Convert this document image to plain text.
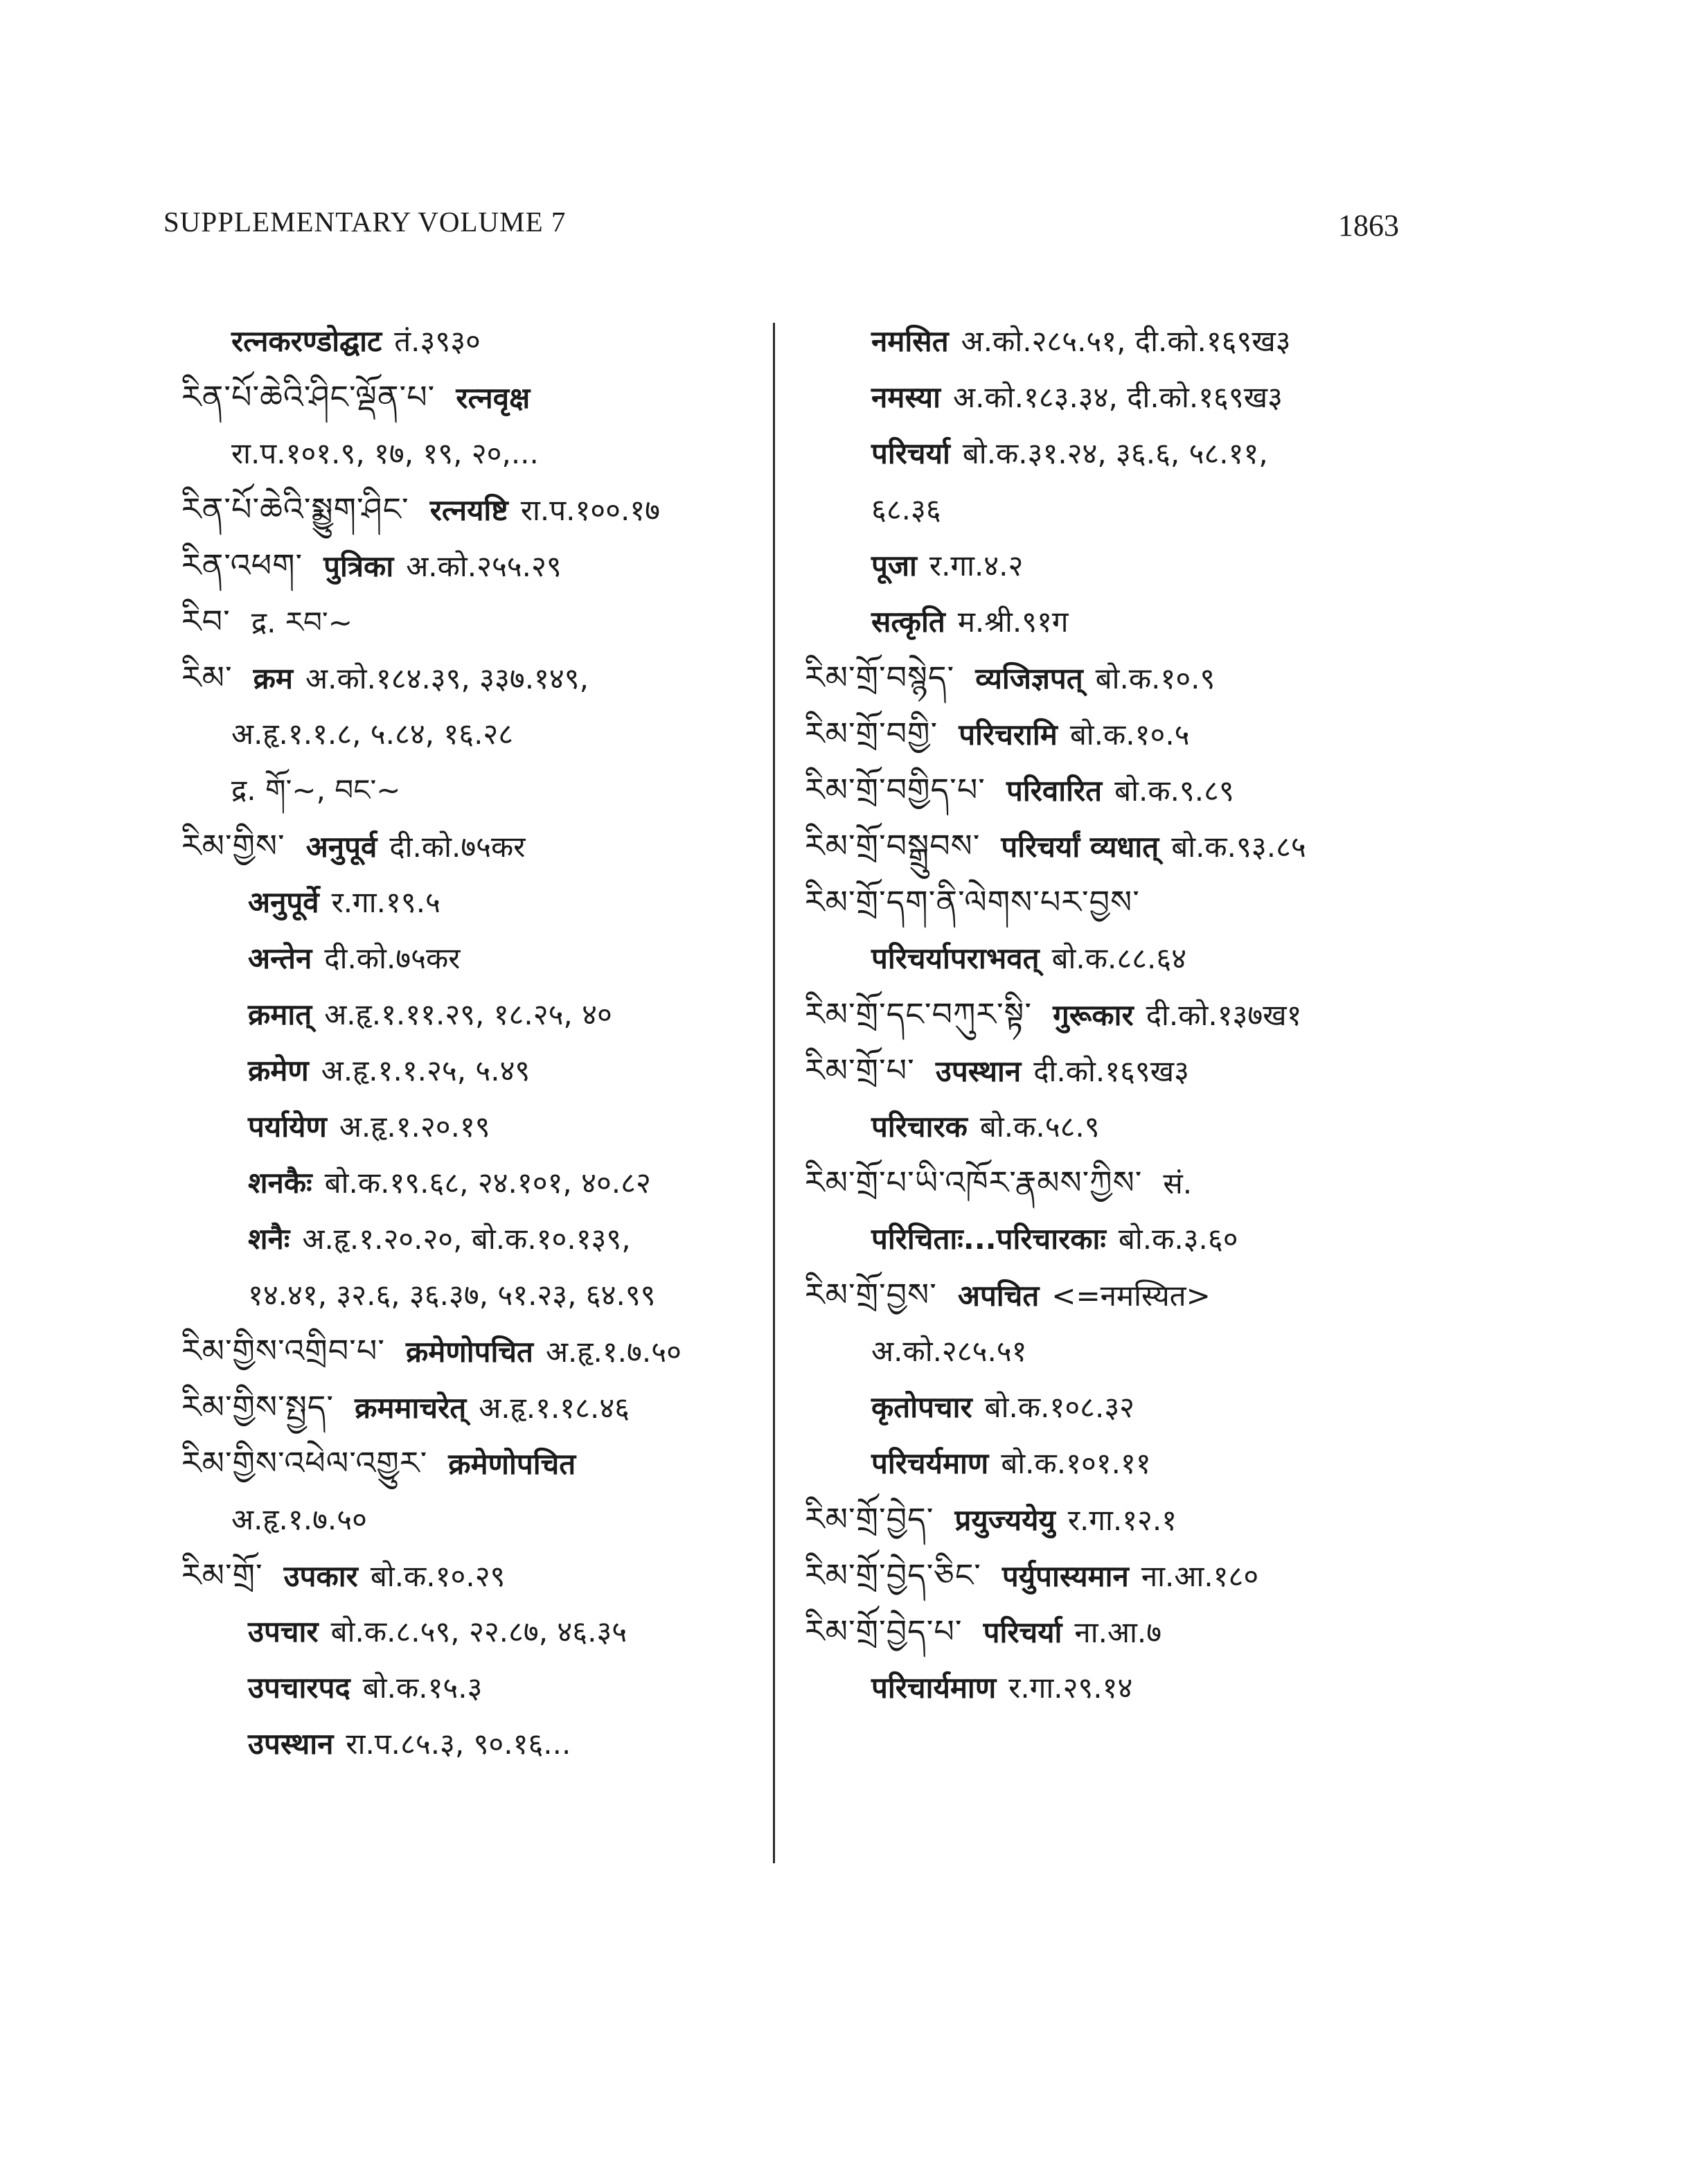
SUPPLEMENTARY VOLUME 7	1863
रत्नकरण्डोद्घाट तं.३९३०
རིན་པོ་ཆེའི་ཤིང་ལྡོན་པ་ रत्नवृक्ष
रा.प.१०१.९, १७, १९, २०,...
རིན་པོ་ཆེའི་སྨྱུག་ཤིང་ रत्नयष्टि रा.प.१००.१७
རིན་འཕག་ पुत्रिका अ.को.२५५.२९
རིབ་ द्र. རབ་~
རིམ་ क्रम अ.को.१८४.३९, ३३७.१४९,
अ.हृ.१.१.८, ५.८४, १६.२८
द्र. གོ་~, བང་~
རིམ་གྱིས་ अनुपूर्व दी.को.७५कर
अनुपूर्वे र.गा.१९.५
अन्तेन दी.को.७५कर
क्रमात् अ.हृ.१.११.२९, १८.२५, ४०
क्रमेण अ.हृ.१.१.२५, ५.४९
पर्यायेण अ.हृ.१.२०.१९
शनकैः बो.क.१९.६८, २४.१०१, ४०.८२
शनैः अ.हृ.१.२०.२०, बो.क.१०.१३९,
१४.४१, ३२.६, ३६.३७, ५१.२३, ६४.९९
རིམ་གྱིས་འགྲིབ་པ་ क्रमेणोपचित अ.हृ.१.७.५०
རིམ་གྱིས་སྤྱད་ क्रममाचरेत् अ.हृ.१.१८.४६
རིམ་གྱིས་འཕེལ་འགྱུར་ क्रमेणोपचित
अ.हृ.१.७.५०
རིམ་གྲོ་ उपकार बो.क.१०.२९
उपचार बो.क.८.५९, २२.८७, ४६.३५
उपचारपद बो.क.१५.३
उपस्थान रा.प.८५.३, ९०.१६...
नमसित अ.को.२८५.५१, दी.को.१६९ख३
नमस्या अ.को.१८३.३४, दी.को.१६९ख३
परिचर्या बो.क.३१.२४, ३६.६, ५८.११,
६८.३६
पूजा र.गा.४.२
सत्कृति म.श्री.९१ग
རིམ་གྲོ་བསྙེད་ व्यजिज्ञपत् बो.क.१०.९
རིམ་གྲོ་བགྱི་ परिचरामि बो.क.१०.५
རིམ་གྲོ་བགྱིད་པ་ परिवारित बो.क.९.८९
རིམ་གྲོ་བསྒྲུབས་ परिचर्यां व्यधात् बो.क.९३.८५
རིམ་གྲོ་དག་ནི་ལེགས་པར་བྱས་
परिचर्यापराभवत् बो.क.८८.६४
རིམ་གྲོ་དང་བཀུར་སྟི་ गुरूकार दी.को.१३७ख१
རིམ་གྲོ་པ་ उपस्थान दी.को.१६९ख३
परिचारक बो.क.५८.९
རིམ་གྲོ་པ་ཡི་འཁོར་རྣམས་ཀྱིས་ सं.
परिचिताः...परिचारकाः बो.क.३.६०
རིམ་གྲོ་བྱས་ अपचित <=नमस्यित>
अ.को.२८५.५१
कृतोपचार बो.क.१०८.३२
परिचर्यमाण बो.क.१०१.११
རིམ་གྲོ་བྱེད་ प्रयुज्ययेयु र.गा.१२.१
རིམ་གྲོ་བྱེད་ཅིང་ पर्युपास्यमान ना.आ.१८०
རིམ་གྲོ་བྱེད་པ་ परिचर्या ना.आ.७
परिचार्यमाण र.गा.२९.१४
